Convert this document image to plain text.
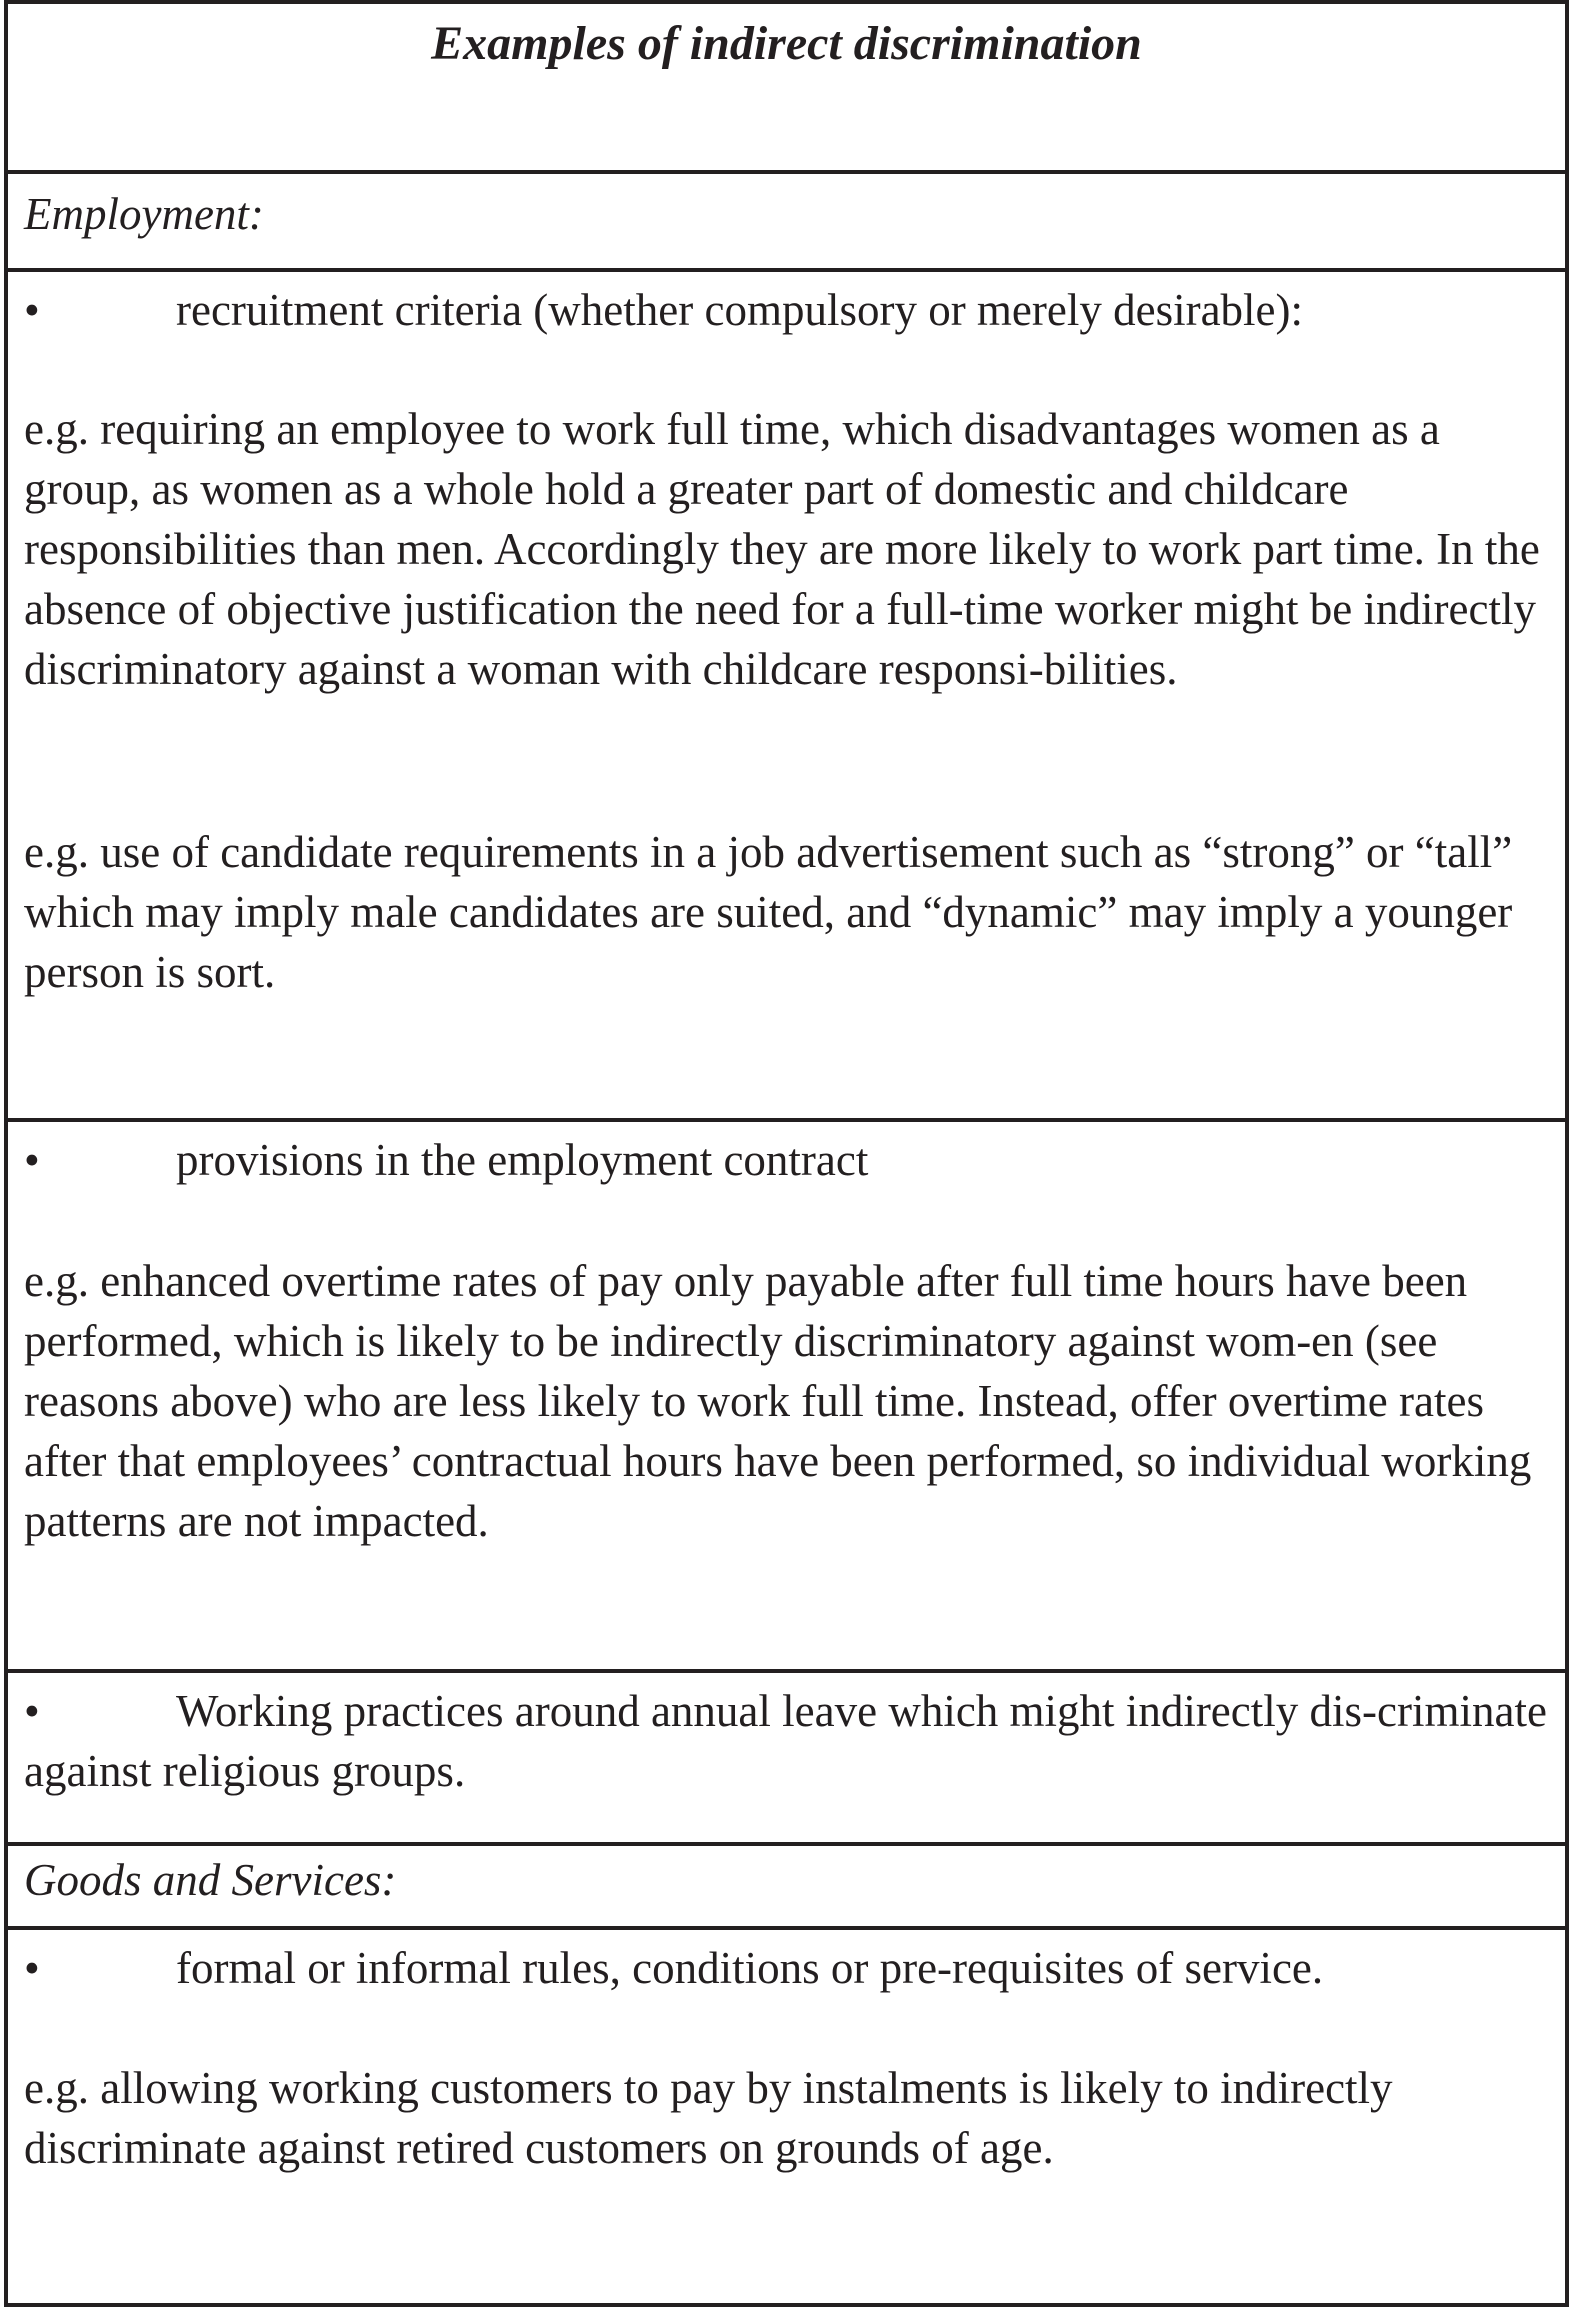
Examples of indirect discrimination
Employment:
•	recruitment criteria (whether compulsory or merely desirable):

e.g. requiring an employee to work full time, which disadvantages women as a group, as women as a whole hold a greater part of domestic and childcare responsibilities than men. Accordingly they are more likely to work part time. In the absence of objective justification the need for a full-time worker might be indirectly discriminatory against a woman with childcare responsi-bilities.

e.g. use of candidate requirements in a job advertisement such as “strong” or “tall” which may imply male candidates are suited, and “dynamic” may imply a younger person is sort.

•	provisions in the employment contract

e.g. enhanced overtime rates of pay only payable after full time hours have been performed, which is likely to be indirectly discriminatory against wom-en (see reasons above) who are less likely to work full time. Instead, offer overtime rates after that employees’ contractual hours have been performed, so individual working patterns are not impacted.

•	Working practices around annual leave which might indirectly dis-criminate against religious groups.
Goods and Services:
•	formal or informal rules, conditions or pre-requisites of service.

e.g. allowing working customers to pay by instalments is likely to indirectly discriminate against retired customers on grounds of age.
